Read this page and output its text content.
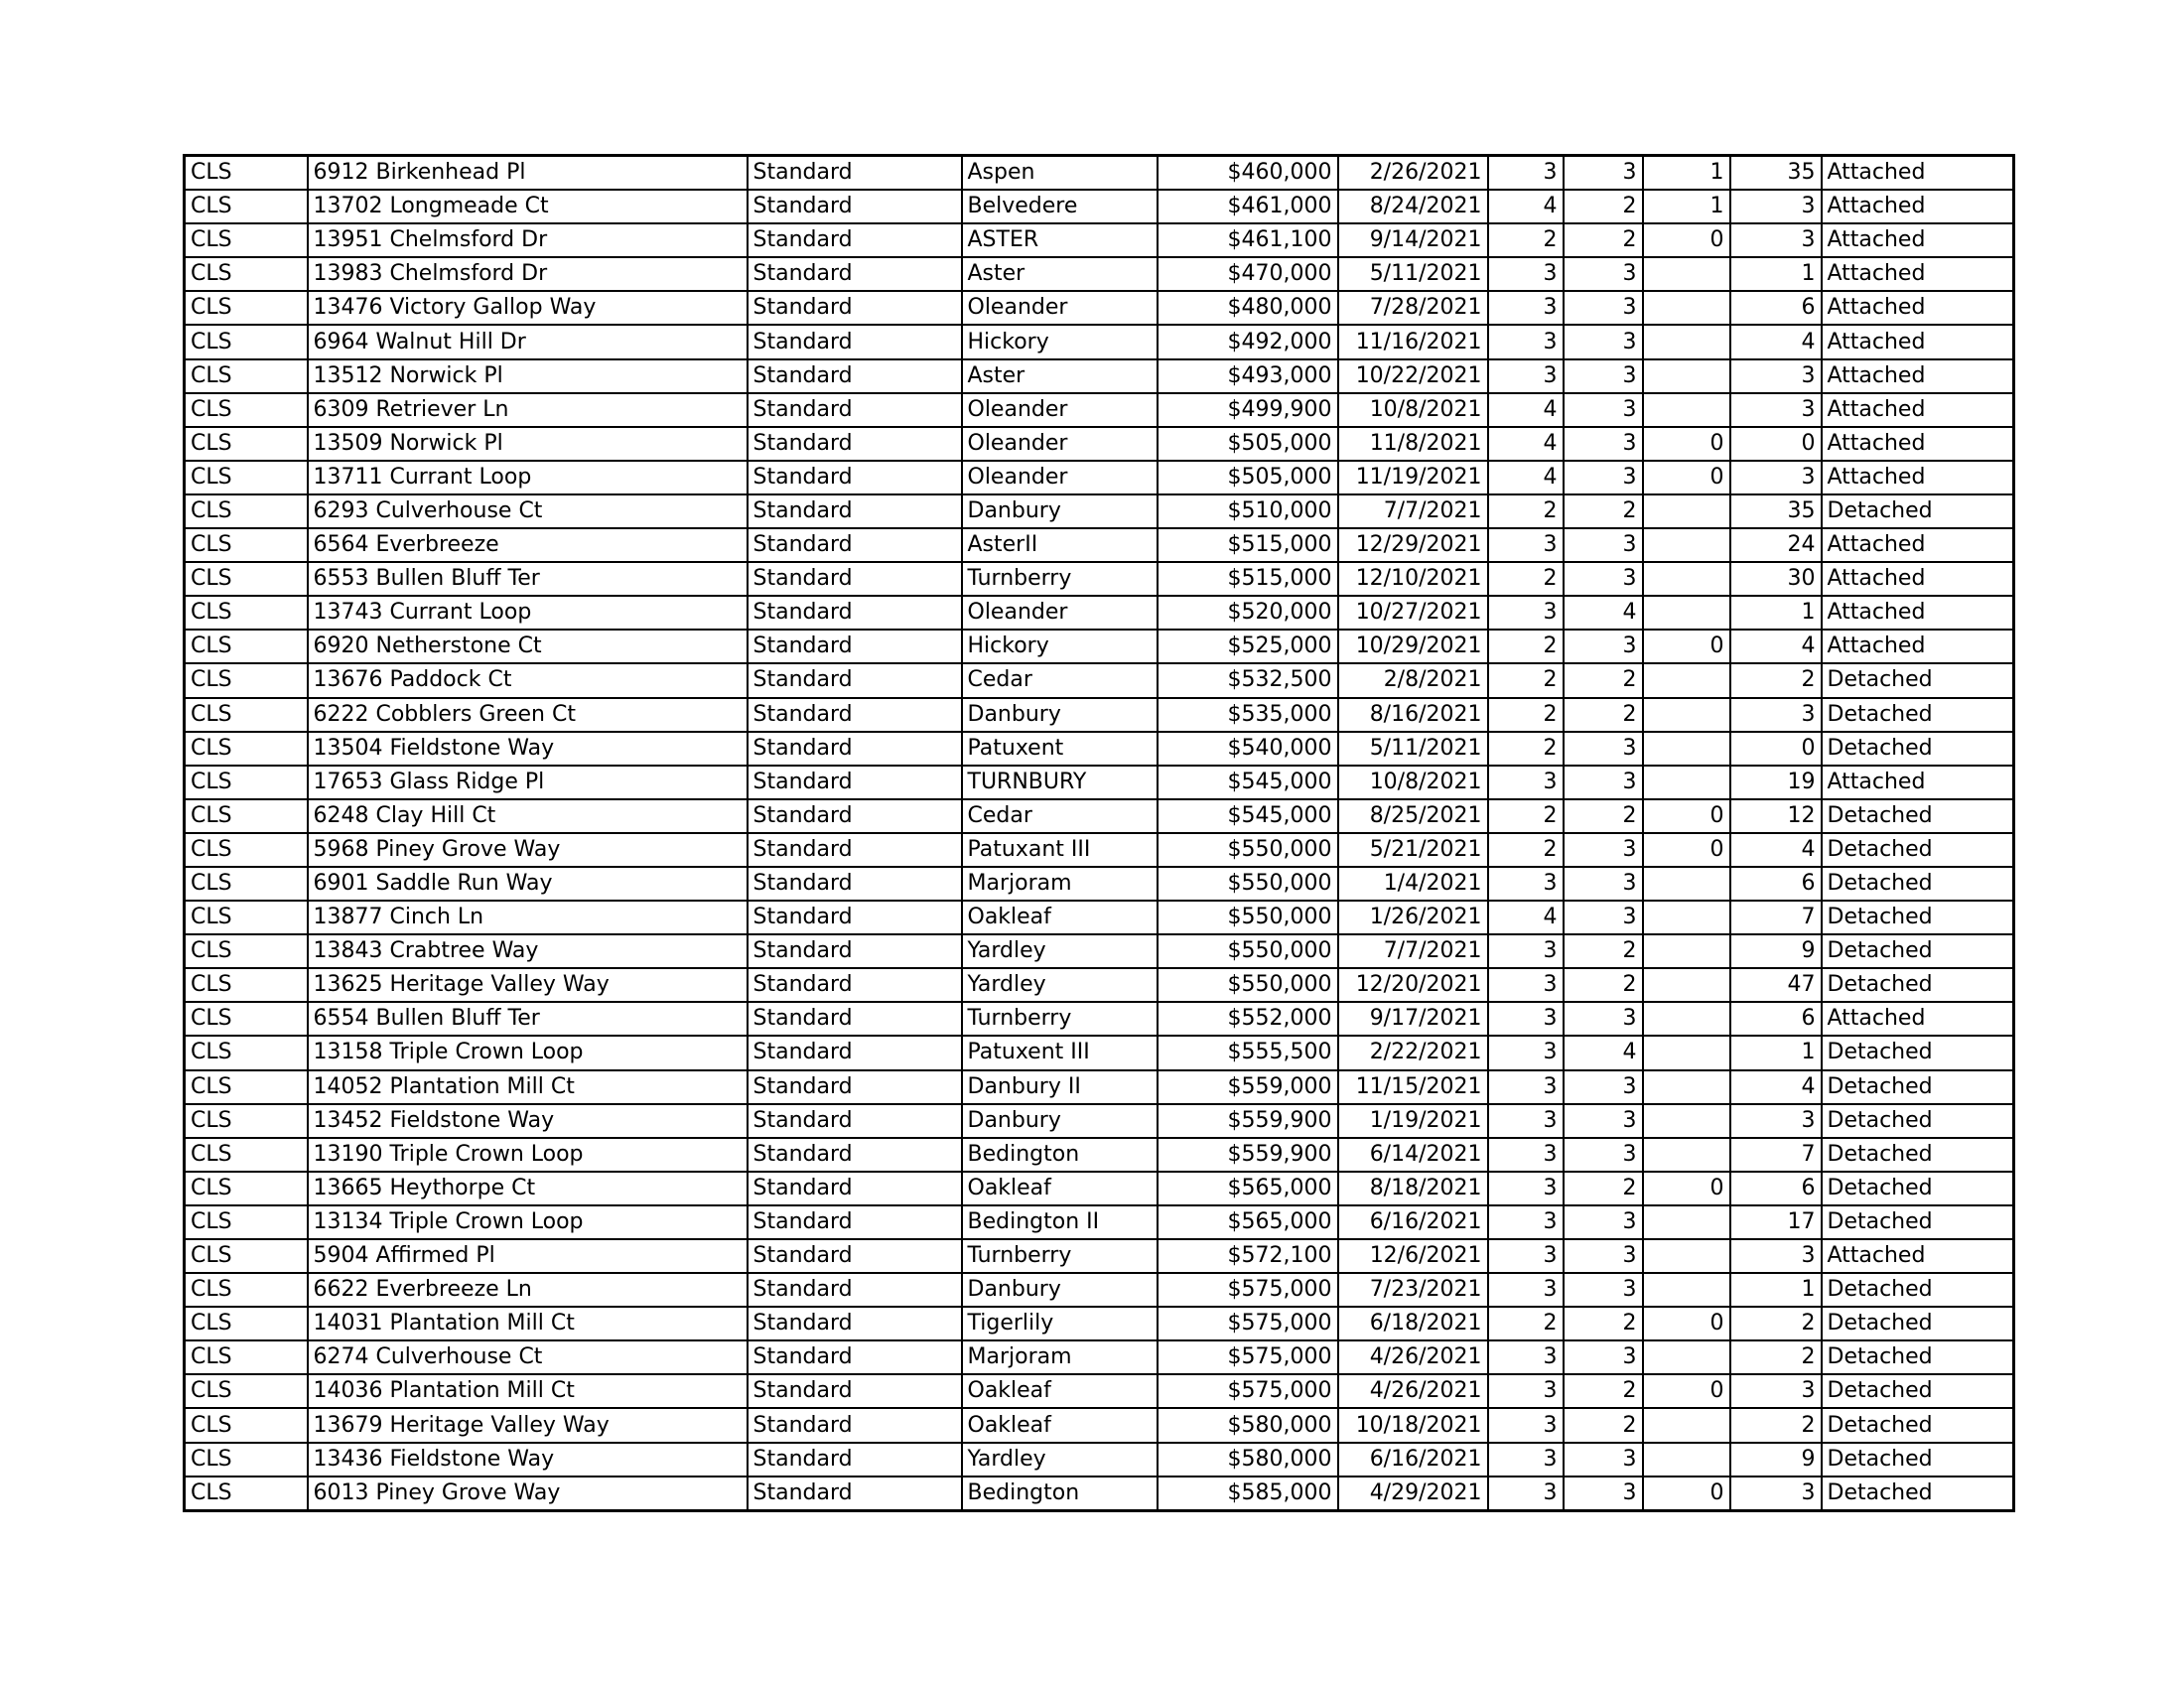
CLS	6912 Birkenhead Pl	Standard	Aspen	$460,000	2/26/2021	3	3	1	35	Attached
CLS	13702 Longmeade Ct	Standard	Belvedere	$461,000	8/24/2021	4	2	1	3	Attached
CLS	13951 Chelmsford Dr	Standard	ASTER	$461,100	9/14/2021	2	2	0	3	Attached
CLS	13983 Chelmsford Dr	Standard	Aster	$470,000	5/11/2021	3	3		1	Attached
CLS	13476 Victory Gallop Way	Standard	Oleander	$480,000	7/28/2021	3	3		6	Attached
CLS	6964 Walnut Hill Dr	Standard	Hickory	$492,000	11/16/2021	3	3		4	Attached
CLS	13512 Norwick Pl	Standard	Aster	$493,000	10/22/2021	3	3		3	Attached
CLS	6309 Retriever Ln	Standard	Oleander	$499,900	10/8/2021	4	3		3	Attached
CLS	13509 Norwick Pl	Standard	Oleander	$505,000	11/8/2021	4	3	0	0	Attached
CLS	13711 Currant Loop	Standard	Oleander	$505,000	11/19/2021	4	3	0	3	Attached
CLS	6293 Culverhouse Ct	Standard	Danbury	$510,000	7/7/2021	2	2		35	Detached
CLS	6564 Everbreeze	Standard	AsterII	$515,000	12/29/2021	3	3		24	Attached
CLS	6553 Bullen Bluff Ter	Standard	Turnberry	$515,000	12/10/2021	2	3		30	Attached
CLS	13743 Currant Loop	Standard	Oleander	$520,000	10/27/2021	3	4		1	Attached
CLS	6920 Netherstone Ct	Standard	Hickory	$525,000	10/29/2021	2	3	0	4	Attached
CLS	13676 Paddock Ct	Standard	Cedar	$532,500	2/8/2021	2	2		2	Detached
CLS	6222 Cobblers Green Ct	Standard	Danbury	$535,000	8/16/2021	2	2		3	Detached
CLS	13504 Fieldstone Way	Standard	Patuxent	$540,000	5/11/2021	2	3		0	Detached
CLS	17653 Glass Ridge Pl	Standard	TURNBURY	$545,000	10/8/2021	3	3		19	Attached
CLS	6248 Clay Hill Ct	Standard	Cedar	$545,000	8/25/2021	2	2	0	12	Detached
CLS	5968 Piney Grove Way	Standard	Patuxant III	$550,000	5/21/2021	2	3	0	4	Detached
CLS	6901 Saddle Run Way	Standard	Marjoram	$550,000	1/4/2021	3	3		6	Detached
CLS	13877 Cinch Ln	Standard	Oakleaf	$550,000	1/26/2021	4	3		7	Detached
CLS	13843 Crabtree Way	Standard	Yardley	$550,000	7/7/2021	3	2		9	Detached
CLS	13625 Heritage Valley Way	Standard	Yardley	$550,000	12/20/2021	3	2		47	Detached
CLS	6554 Bullen Bluff Ter	Standard	Turnberry	$552,000	9/17/2021	3	3		6	Attached
CLS	13158 Triple Crown Loop	Standard	Patuxent III	$555,500	2/22/2021	3	4		1	Detached
CLS	14052 Plantation Mill Ct	Standard	Danbury II	$559,000	11/15/2021	3	3		4	Detached
CLS	13452 Fieldstone Way	Standard	Danbury	$559,900	1/19/2021	3	3		3	Detached
CLS	13190 Triple Crown Loop	Standard	Bedington	$559,900	6/14/2021	3	3		7	Detached
CLS	13665 Heythorpe Ct	Standard	Oakleaf	$565,000	8/18/2021	3	2	0	6	Detached
CLS	13134 Triple Crown Loop	Standard	Bedington II	$565,000	6/16/2021	3	3		17	Detached
CLS	5904 Affirmed Pl	Standard	Turnberry	$572,100	12/6/2021	3	3		3	Attached
CLS	6622 Everbreeze Ln	Standard	Danbury	$575,000	7/23/2021	3	3		1	Detached
CLS	14031 Plantation Mill Ct	Standard	Tigerlily	$575,000	6/18/2021	2	2	0	2	Detached
CLS	6274 Culverhouse Ct	Standard	Marjoram	$575,000	4/26/2021	3	3		2	Detached
CLS	14036 Plantation Mill Ct	Standard	Oakleaf	$575,000	4/26/2021	3	2	0	3	Detached
CLS	13679 Heritage Valley Way	Standard	Oakleaf	$580,000	10/18/2021	3	2		2	Detached
CLS	13436 Fieldstone Way	Standard	Yardley	$580,000	6/16/2021	3	3		9	Detached
CLS	6013 Piney Grove Way	Standard	Bedington	$585,000	4/29/2021	3	3	0	3	Detached
